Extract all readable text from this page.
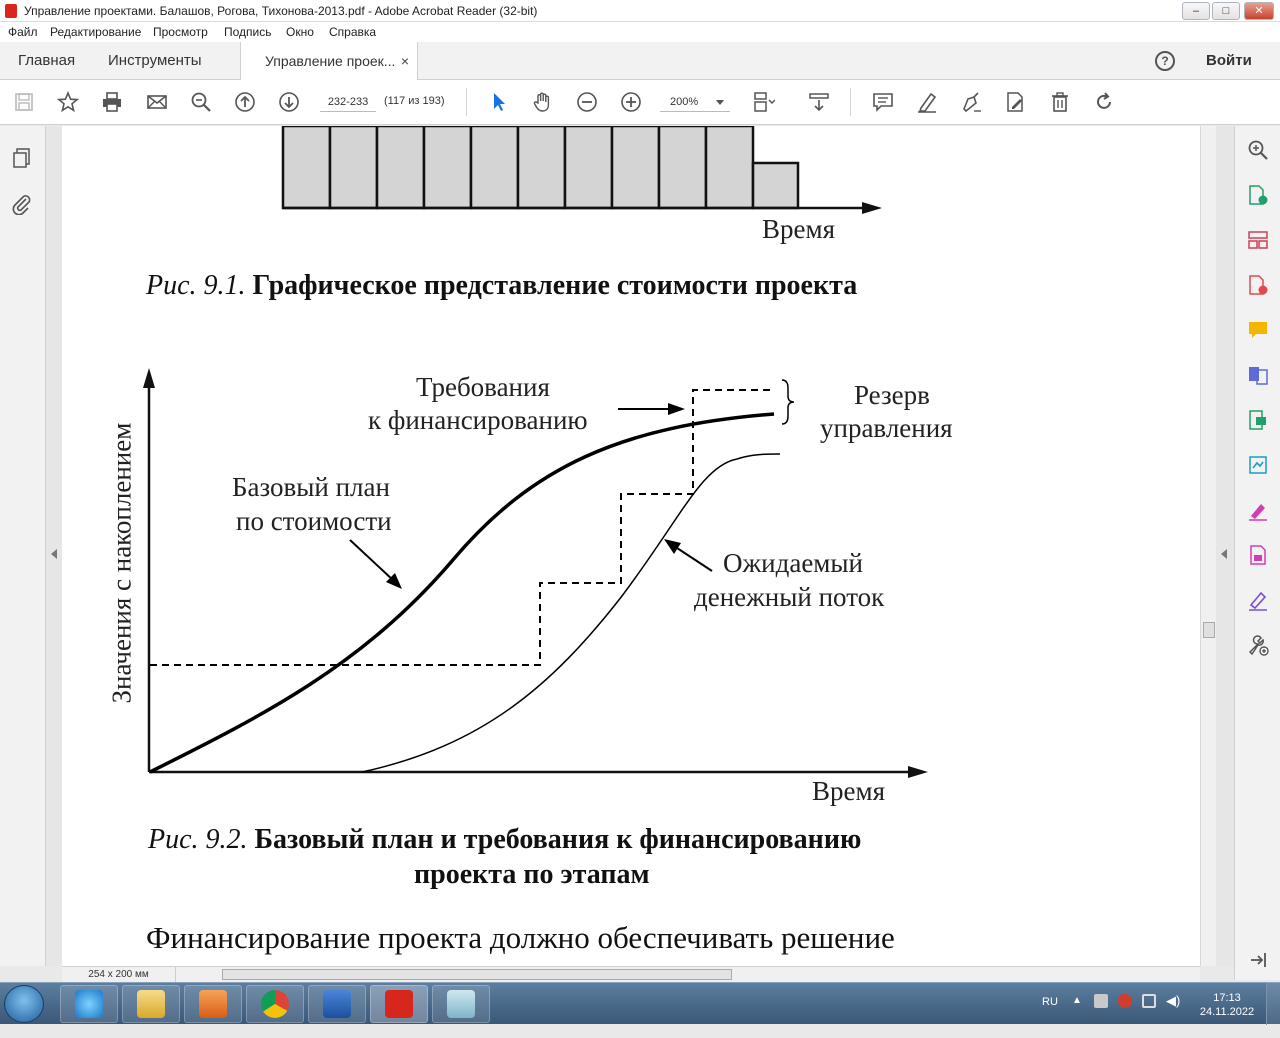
Управление проектами. Балашов, Рогова, Тихонова-2013.pdf - Adobe Acrobat Reader (32-bit)	–	□	✕
Файл Редактирование Просмотр Подпись Окно Справка
Главная Инструменты	Управление проек... ×	?	Войти
232-233	(117 из 193)	200%
Время
Рис. 9.1. Графическое представление стоимости проекта
Значения с накоплением
Время
Требования
к финансированию
Резерв
управления
Базовый план
по стоимости
Ожидаемый
денежный поток
Рис. 9.2. Базовый план и требования к финансированию
проекта по этапам
Финансирование проекта должно обеспечивать решение
254 x 200 мм
RU ▲	◀)	17:13
24.11.2022
